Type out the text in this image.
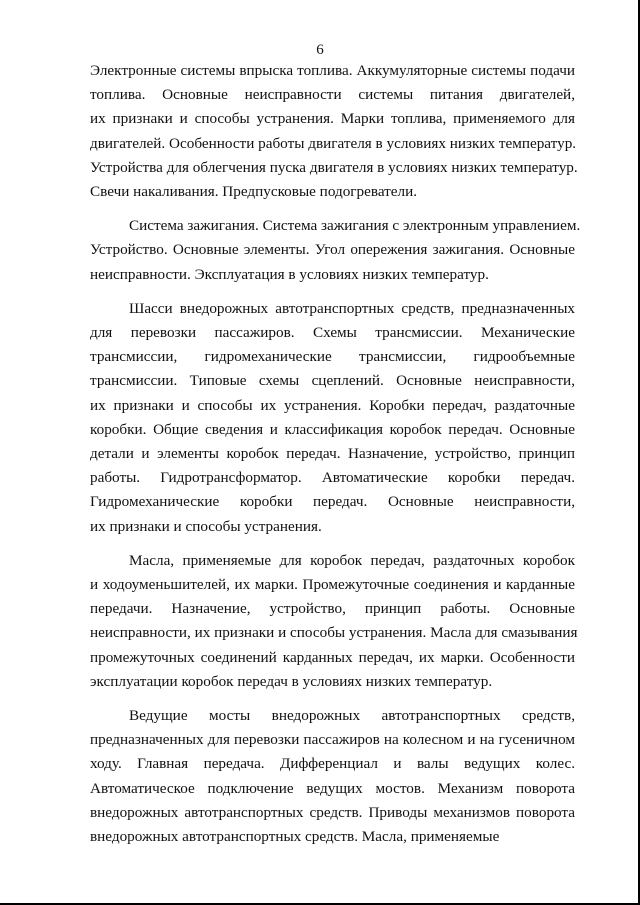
6
Электронные системы впрыска топлива. Аккумуляторные системы подачи
топлива. Основные неисправности системы питания двигателей,
их признаки и способы устранения. Марки топлива, применяемого для
двигателей. Особенности работы двигателя в условиях низких температур.
Устройства для облегчения пуска двигателя в условиях низких температур.
Свечи накаливания. Предпусковые подогреватели.
Система зажигания. Система зажигания с электронным управлением.
Устройство. Основные элементы. Угол опережения зажигания. Основные
неисправности. Эксплуатация в условиях низких температур.
Шасси внедорожных автотранспортных средств, предназначенных
для перевозки пассажиров. Схемы трансмиссии. Механические
трансмиссии, гидромеханические трансмиссии, гидрообъемные
трансмиссии. Типовые схемы сцеплений. Основные неисправности,
их признаки и способы их устранения. Коробки передач, раздаточные
коробки. Общие сведения и классификация коробок передач. Основные
детали и элементы коробок передач. Назначение, устройство, принцип
работы. Гидротрансформатор. Автоматические коробки передач.
Гидромеханические коробки передач. Основные неисправности,
их признаки и способы устранения.
Масла, применяемые для коробок передач, раздаточных коробок
и ходоуменьшителей, их марки. Промежуточные соединения и карданные
передачи. Назначение, устройство, принцип работы. Основные
неисправности, их признаки и способы устранения. Масла для смазывания
промежуточных соединений карданных передач, их марки. Особенности
эксплуатации коробок передач в условиях низких температур.
Ведущие мосты внедорожных автотранспортных средств,
предназначенных для перевозки пассажиров на колесном и на гусеничном
ходу. Главная передача. Дифференциал и валы ведущих колес.
Автоматическое подключение ведущих мостов. Механизм поворота
внедорожных автотранспортных средств. Приводы механизмов поворота
внедорожных автотранспортных средств. Масла, применяемые
